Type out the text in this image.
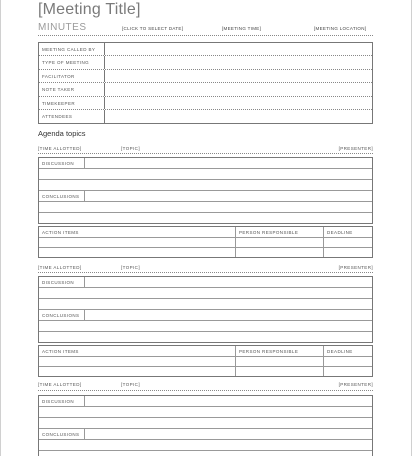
[Meeting Title]
MINUTES	[CLICK TO SELECT DATE]	[MEETING TIME]	[MEETING LOCATION]
MEETING CALLED BY
TYPE OF MEETING
FACILITATOR
NOTE TAKER
TIMEKEEPER
ATTENDEES
Agenda topics
[TIME ALLOTTED]	[TOPIC]	[PRESENTER]
DISCUSSION
CONCLUSIONS
ACTION ITEMS	PERSON RESPONSIBLE	DEADLINE
[TIME ALLOTTED]	[TOPIC]	[PRESENTER]
DISCUSSION
CONCLUSIONS
ACTION ITEMS	PERSON RESPONSIBLE	DEADLINE
[TIME ALLOTTED]	[TOPIC]	[PRESENTER]
DISCUSSION
CONCLUSIONS
